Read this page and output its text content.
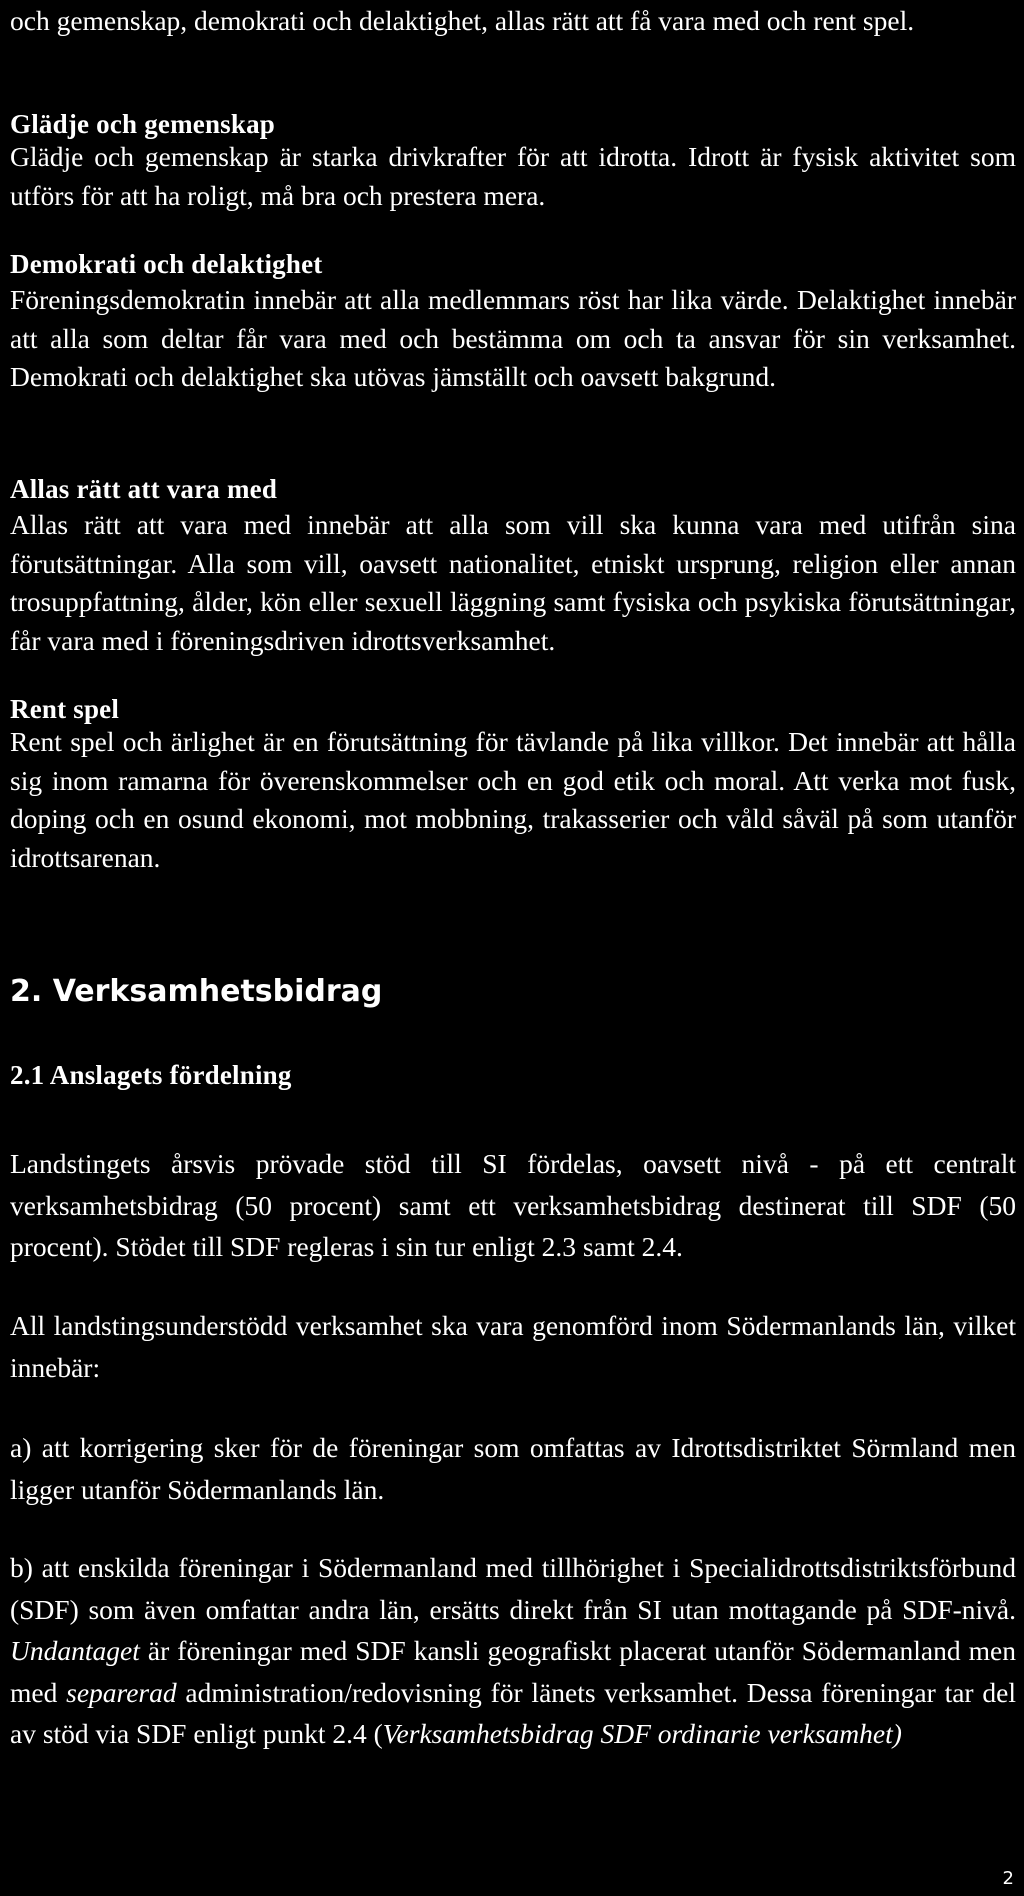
och gemenskap, demokrati och delaktighet, allas rätt att få vara med och rent spel.

Glädje och gemenskap

Glädje och gemenskap är starka drivkrafter för att idrotta. Idrott är fysisk aktivitet som utförs för att ha roligt, må bra och prestera mera.

Demokrati och delaktighet

Föreningsdemokratin innebär att alla medlemmars röst har lika värde. Delaktighet innebär att alla som deltar får vara med och bestämma om och ta ansvar för sin verksamhet. Demokrati och delaktighet ska utövas jämställt och oavsett bakgrund.

Allas rätt att vara med

Allas rätt att vara med innebär att alla som vill ska kunna vara med utifrån sina förutsättningar. Alla som vill, oavsett nationalitet, etniskt ursprung, religion eller annan trosuppfattning, ålder, kön eller sexuell läggning samt fysiska och psykiska förutsättningar, får vara med i föreningsdriven idrottsverksamhet.

Rent spel

Rent spel och ärlighet är en förutsättning för tävlande på lika villkor. Det innebär att hålla sig inom ramarna för överenskommelser och en god etik och moral. Att verka mot fusk, doping och en osund ekonomi, mot mobbning, trakasserier och våld såväl på som utanför idrottsarenan.

2. Verksamhetsbidrag
2.1 Anslagets fördelning

Landstingets årsvis prövade stöd till SI fördelas, oavsett nivå - på ett centralt verksamhetsbidrag (50 procent) samt ett verksamhetsbidrag destinerat till SDF (50 procent). Stödet till SDF regleras i sin tur enligt 2.3 samt 2.4.

All landstingsunderstödd verksamhet ska vara genomförd inom Södermanlands län, vilket innebär:

a) att korrigering sker för de föreningar som omfattas av Idrottsdistriktet Sörmland men ligger utanför Södermanlands län.

b) att enskilda föreningar i Södermanland med tillhörighet i Specialidrottsdistriktsförbund (SDF) som även omfattar andra län, ersätts direkt från SI utan mottagande på SDF-nivå. Undantaget är föreningar med SDF kansli geografiskt placerat utanför Södermanland men med separerad administration/redovisning för länets verksamhet. Dessa föreningar tar del av stöd via SDF enligt punkt 2.4 (Verksamhetsbidrag SDF ordinarie verksamhet)

2
